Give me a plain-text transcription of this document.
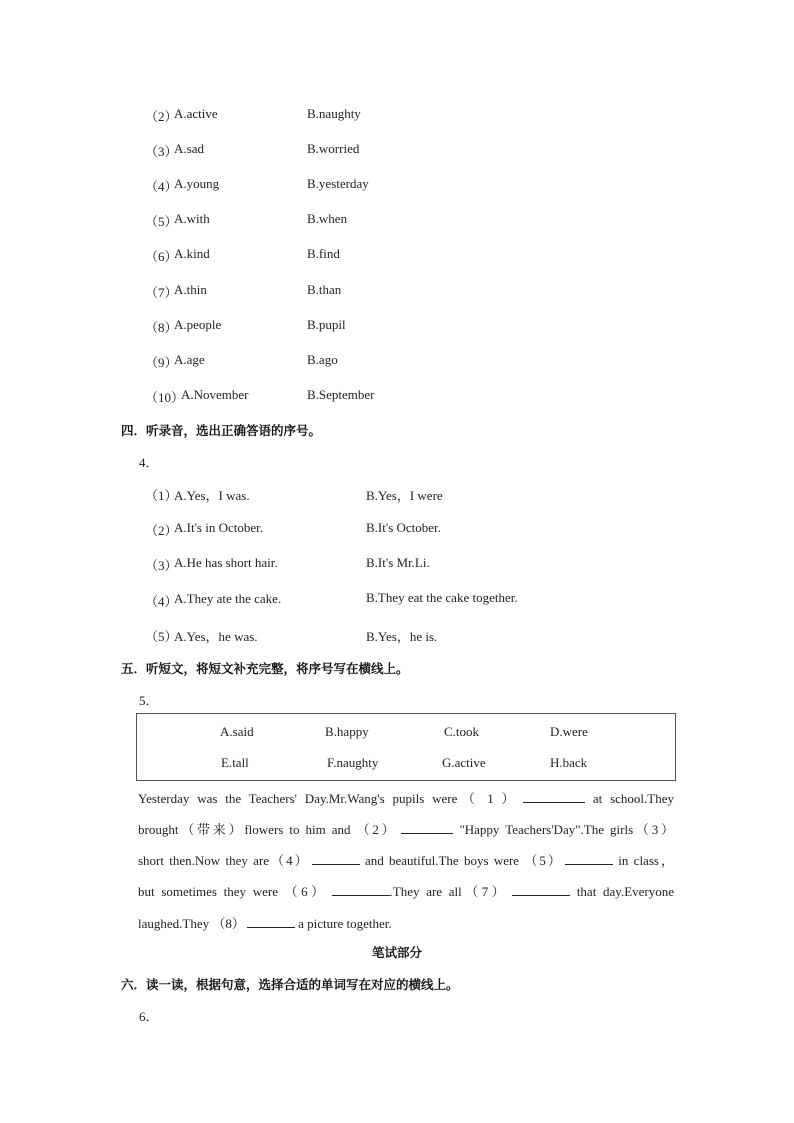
（2）
A.active	B.naughty
（3）
A.sad	B.worried
（4）
A.young	B.yesterday
（5）
A.with	B.when
（6）
A.kind	B.find
（7）
A.thin	B.than
（8）
A.people	B.pupil
（9）
A.age	B.ago
（10）
A.November	B.September
四．听录音，选出正确答语的序号。
4．
（1）
A.Yes，I was.	B.Yes，I were
（2）
A.It's in October.	B.It's October.
（3）
A.He has short hair.	B.It's Mr.Li.
（4）
A.They ate the cake.	B.They eat the cake together.
（5）
A.Yes，he was.	B.Yes，he is.
五．听短文，将短文补充完整，将序号写在横线上。
5．
A.said	B.happy	C.took	D.were
E.tall	F.naughty	G.active	H.back
Yesterday was the Teachers' Day.Mr.Wang's pupils were（ 1 ）	at school.They
brought（带来）flowers to him and （2）	"Happy Teachers'Day".The girls（3）
short then.Now they are（4）	and beautiful.The boys were （5）	in class，
but sometimes they were （6）	.They are all（7）	that day.Everyone
laughed.They （8）	a picture together.
笔试部分
六．读一读，根据句意，选择合适的单词写在对应的横线上。
6．
